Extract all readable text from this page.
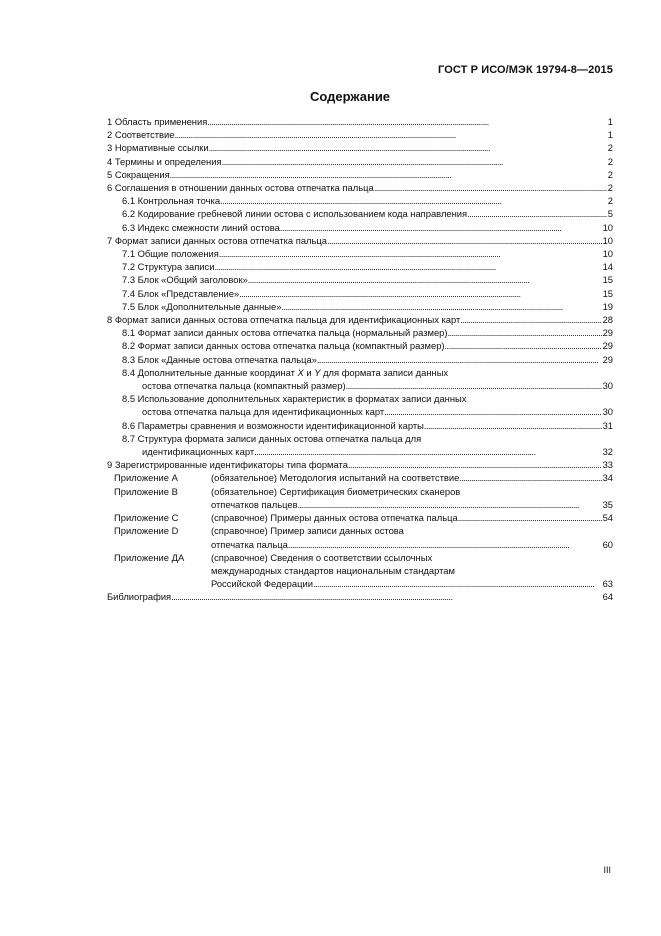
ГОСТ Р ИСО/МЭК 19794-8—2015
Содержание
1 Область применения . . .	1
2 Соответствие . . .	1
3 Нормативные ссылки . . .	2
4 Термины и определения . . .	2
5 Сокращения . . .	2
6 Соглашения в отношении данных остова отпечатка пальца . . .	2
6.1 Контрольная точка . . .	2
6.2 Кодирование гребневой линии остова с использованием кода направления . . .	5
6.3 Индекс смежности линий остова . . .	10
7 Формат записи данных остова отпечатка пальца . . .	10
7.1 Общие положения . . .	10
7.2 Структура записи . . .	14
7.3 Блок «Общий заголовок» . . .	15
7.4 Блок «Представление» . . .	15
7.5 Блок «Дополнительные данные» . . .	19
8 Формат записи данных остова отпечатка пальца для идентификационных карт . . .	28
8.1 Формат записи данных остова отпечатка пальца (нормальный размер) . . .	29
8.2 Формат записи данных остова отпечатка пальца (компактный размер) . . .	29
8.3 Блок «Данные остова отпечатка пальца» . . .	29
8.4 Дополнительные данные координат X и Y для формата записи данных
остова отпечатка пальца (компактный размер) . . .	30
8.5 Использование дополнительных характеристик в форматах записи данных
остова отпечатка пальца для идентификационных карт . . .	30
8.6 Параметры сравнения и возможности идентификационной карты . . .	31
8.7 Структура формата записи данных остова отпечатка пальца для
идентификационных карт . . .	32
9 Зарегистрированные идентификаторы типа формата . . .	33
Приложение А	(обязательное) Методология испытаний на соответствие . . .	34
Приложение В	(обязательное) Сертификация биометрических сканеров
отпечатков пальцев . . .	35
Приложение С	(справочное) Примеры данных остова отпечатка пальца . . .	54
Приложение D	(справочное) Пример записи данных остова
отпечатка пальца . . .	60
Приложение ДА	(справочное) Сведения о соответствии ссылочных
международных стандартов национальным стандартам
Российской Федерации . . .	63
Библиография . . .	64
III
